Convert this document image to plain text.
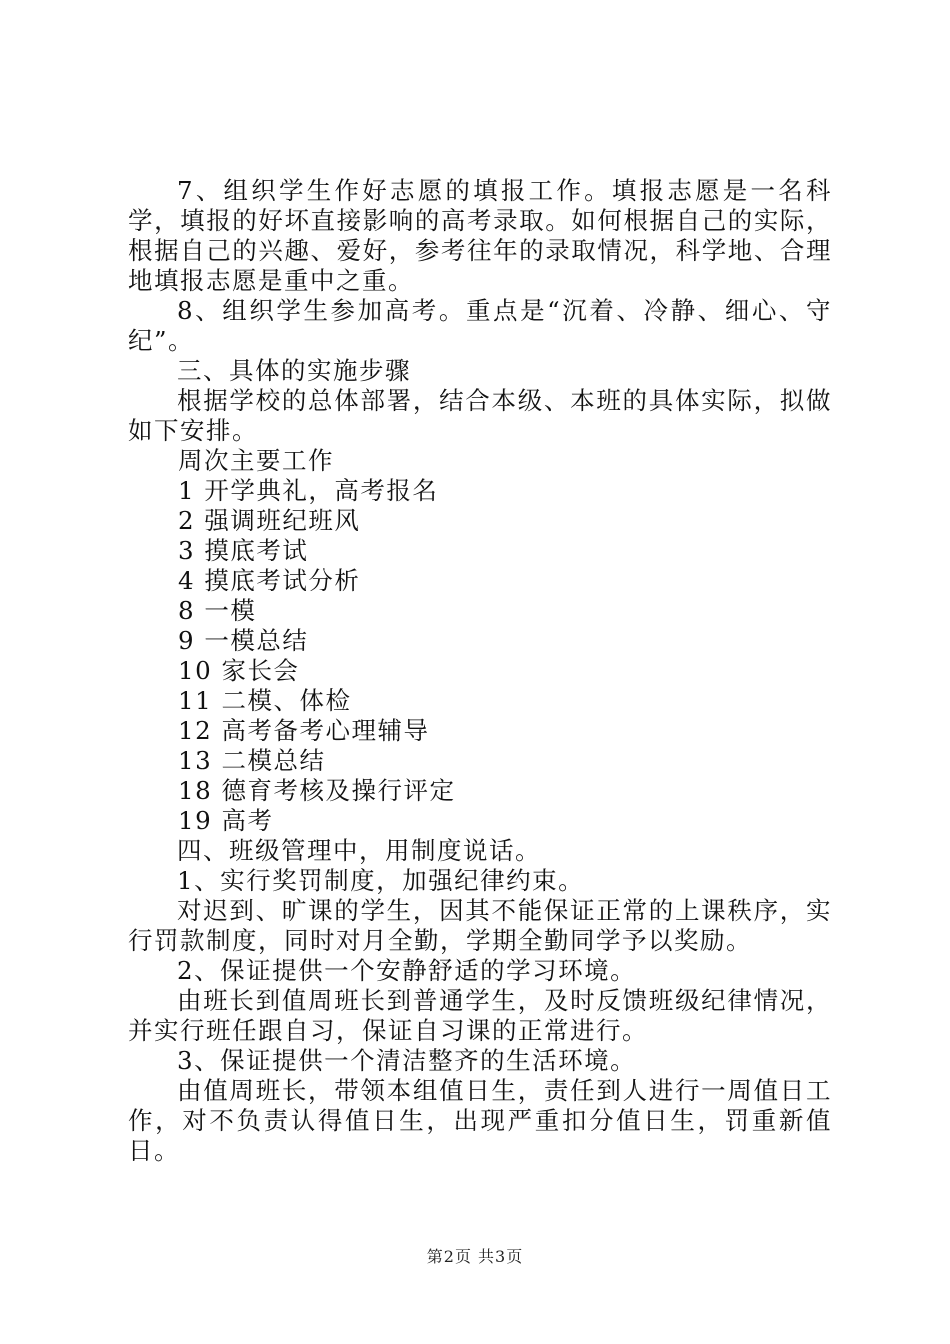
7、组织学生作好志愿的填报工作。填报志愿是一名科学，填报的好坏直接影响的高考录取。如何根据自己的实际，根据自己的兴趣、爱好，参考往年的录取情况，科学地、合理地填报志愿是重中之重。

8、组织学生参加高考。重点是“沉着、冷静、细心、守纪”。

三、具体的实施步骤

根据学校的总体部署，结合本级、本班的具体实际，拟做如下安排。

周次主要工作

1 开学典礼，高考报名

2 强调班纪班风

3 摸底考试

4 摸底考试分析

8 一模

9 一模总结

10 家长会

11 二模、体检

12 高考备考心理辅导

13 二模总结

18 德育考核及操行评定

19 高考

四、班级管理中，用制度说话。

1、实行奖罚制度，加强纪律约束。

对迟到、旷课的学生，因其不能保证正常的上课秩序，实行罚款制度，同时对月全勤，学期全勤同学予以奖励。

2、保证提供一个安静舒适的学习环境。

由班长到值周班长到普通学生，及时反馈班级纪律情况，并实行班任跟自习，保证自习课的正常进行。

3、保证提供一个清洁整齐的生活环境。

由值周班长，带领本组值日生，责任到人进行一周值日工作，对不负责认得值日生，出现严重扣分值日生，罚重新值日。

第2页 共3页
